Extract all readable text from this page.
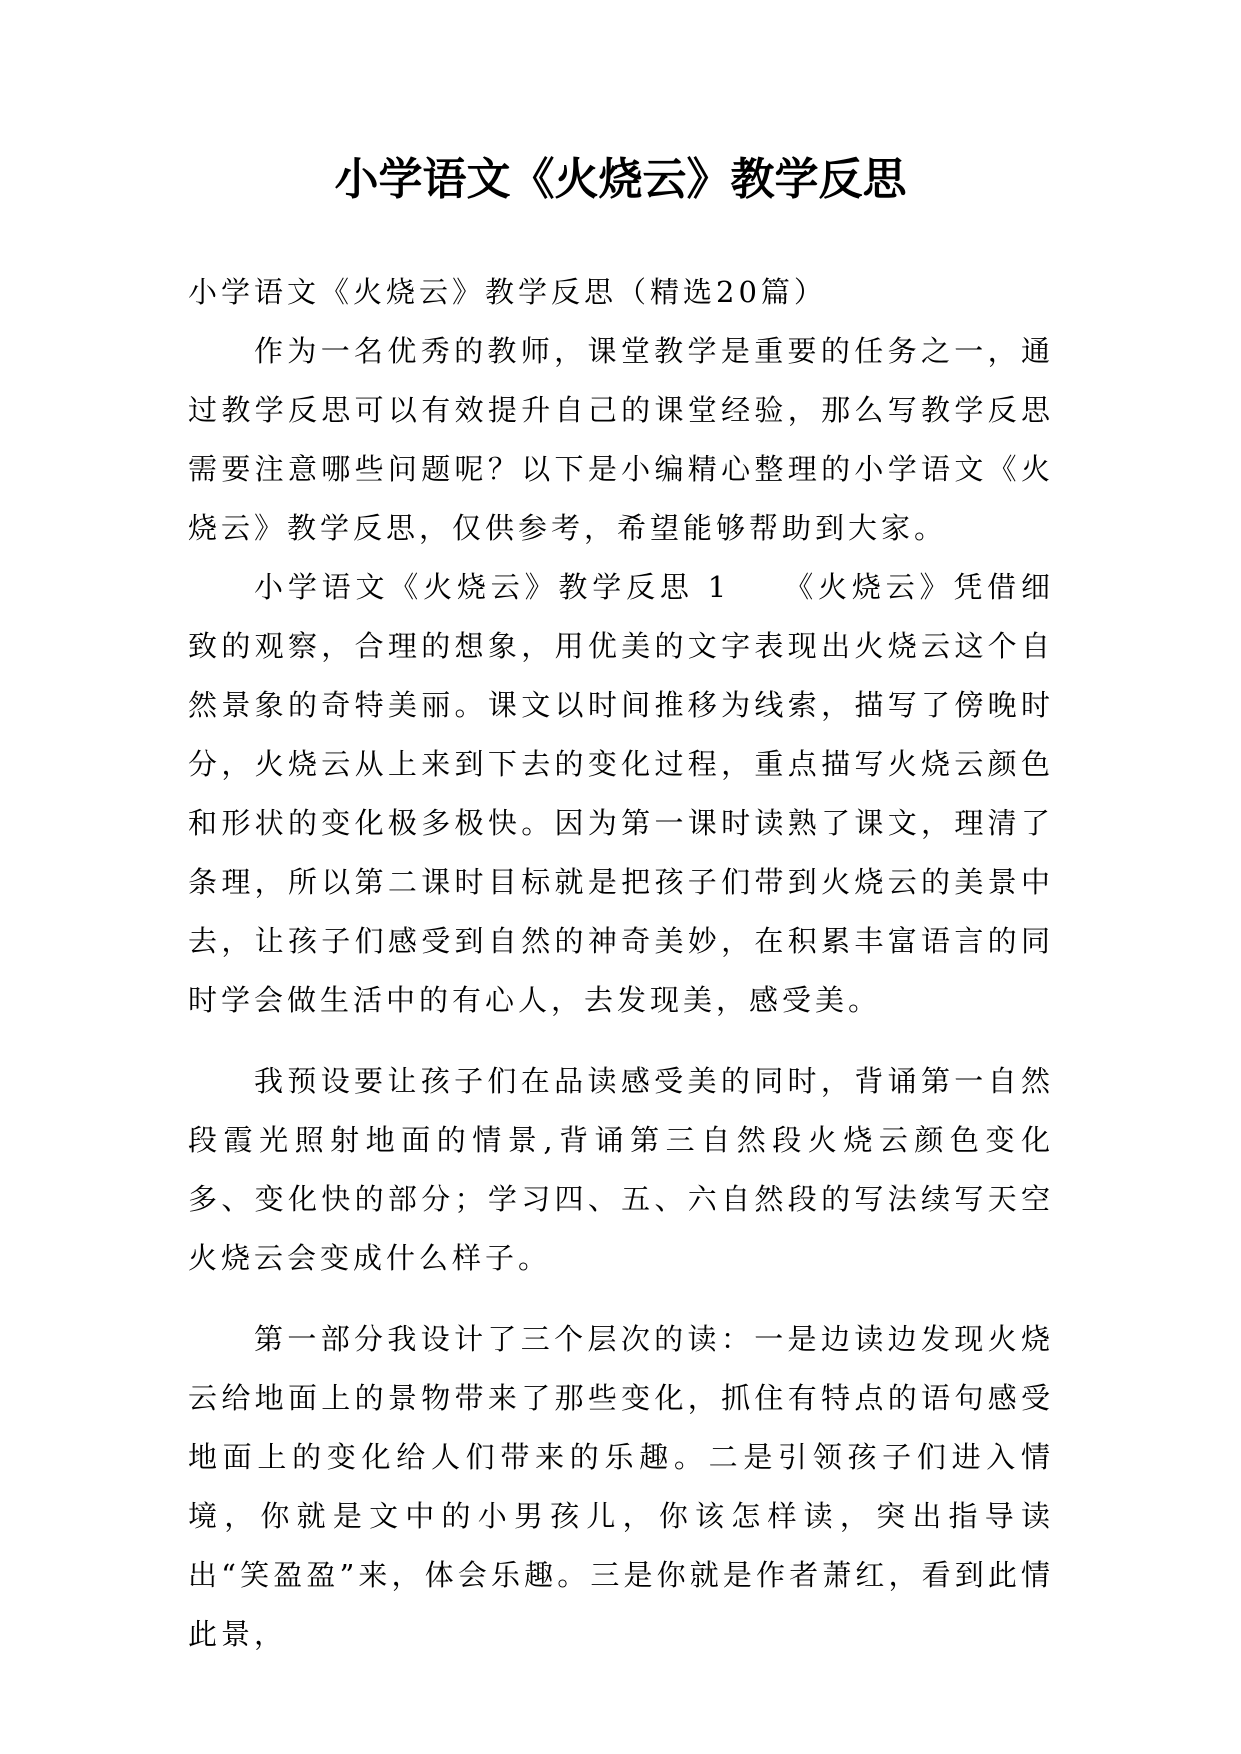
小学语文《火烧云》教学反思

小学语文《火烧云》教学反思（精选20篇）

作为一名优秀的教师，课堂教学是重要的任务之一，通过教学反思可以有效提升自己的课堂经验，那么写教学反思需要注意哪些问题呢？以下是小编精心整理的小学语文《火烧云》教学反思，仅供参考，希望能够帮助到大家。

小学语文《火烧云》教学反思 1　　《火烧云》凭借细致的观察，合理的想象，用优美的文字表现出火烧云这个自然景象的奇特美丽。课文以时间推移为线索，描写了傍晚时分，火烧云从上来到下去的变化过程，重点描写火烧云颜色和形状的变化极多极快。因为第一课时读熟了课文，理清了条理，所以第二课时目标就是把孩子们带到火烧云的美景中去，让孩子们感受到自然的神奇美妙，在积累丰富语言的同时学会做生活中的有心人，去发现美，感受美。

我预设要让孩子们在品读感受美的同时，背诵第一自然段霞光照射地面的情景,背诵第三自然段火烧云颜色变化多、变化快的部分；学习四、五、六自然段的写法续写天空火烧云会变成什么样子。

第一部分我设计了三个层次的读：一是边读边发现火烧云给地面上的景物带来了那些变化，抓住有特点的语句感受地面上的变化给人们带来的乐趣。二是引领孩子们进入情境，你就是文中的小男孩儿，你该怎样读，突出指导读出“笑盈盈”来，体会乐趣。三是你就是作者萧红，看到此情此景，
